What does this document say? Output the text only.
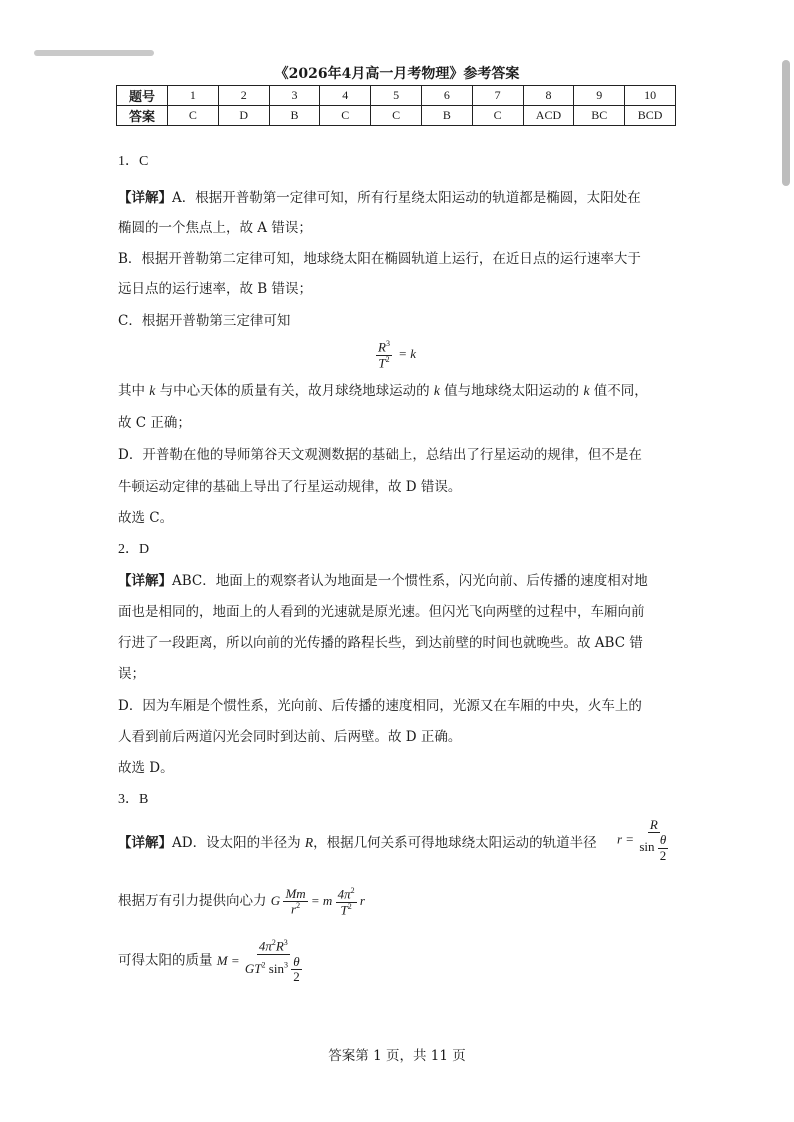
《2026年4月高一月考物理》参考答案
题号	1	2	3	4	5	6	7	8	9	10
答案	C	D	B	C	C	B	C	ACD	BC	BCD
1．C
【详解】A．根据开普勒第一定律可知，所有行星绕太阳运动的轨道都是椭圆，太阳处在
椭圆的一个焦点上，故 A 错误；
B．根据开普勒第二定律可知，地球绕太阳在椭圆轨道上运行，在近日点的运行速率大于
远日点的运行速率，故 B 错误；
C．根据开普勒第三定律可知
$\frac{R^3}{T^2} = k$
其中 k 与中心天体的质量有关，故月球绕地球运动的 k 值与地球绕太阳运动的 k 值不同，
故 C 正确；
D．开普勒在他的导师第谷天文观测数据的基础上，总结出了行星运动的规律，但不是在
牛顿运动定律的基础上导出了行星运动规律，故 D 错误。
故选 C。
2．D
【详解】ABC．地面上的观察者认为地面是一个惯性系，闪光向前、后传播的速度相对地
面也是相同的，地面上的人看到的光速就是原光速。但闪光飞向两壁的过程中，车厢向前
行进了一段距离，所以向前的光传播的路程长些，到达前壁的时间也就晚些。故 ABC 错
误；
D．因为车厢是个惯性系，光向前、后传播的速度相同，光源又在车厢的中央，火车上的
人看到前后两道闪光会同时到达前、后两壁。故 D 正确。
故选 D。
3．B
【详解】AD．设太阳的半径为 R，根据几何关系可得地球绕太阳运动的轨道半径 $r = \frac{R}{\sin \frac{\theta}{2}}$
根据万有引力提供向心力 G $\frac{Mm}{r^2} = m \frac{4\pi^2}{T^2}$ r
可得太阳的质量 $M = \frac{4\pi^2R^3}{GT^2 \sin^3 \frac{\theta}{2}}$
答案第 1 页，共 11 页
